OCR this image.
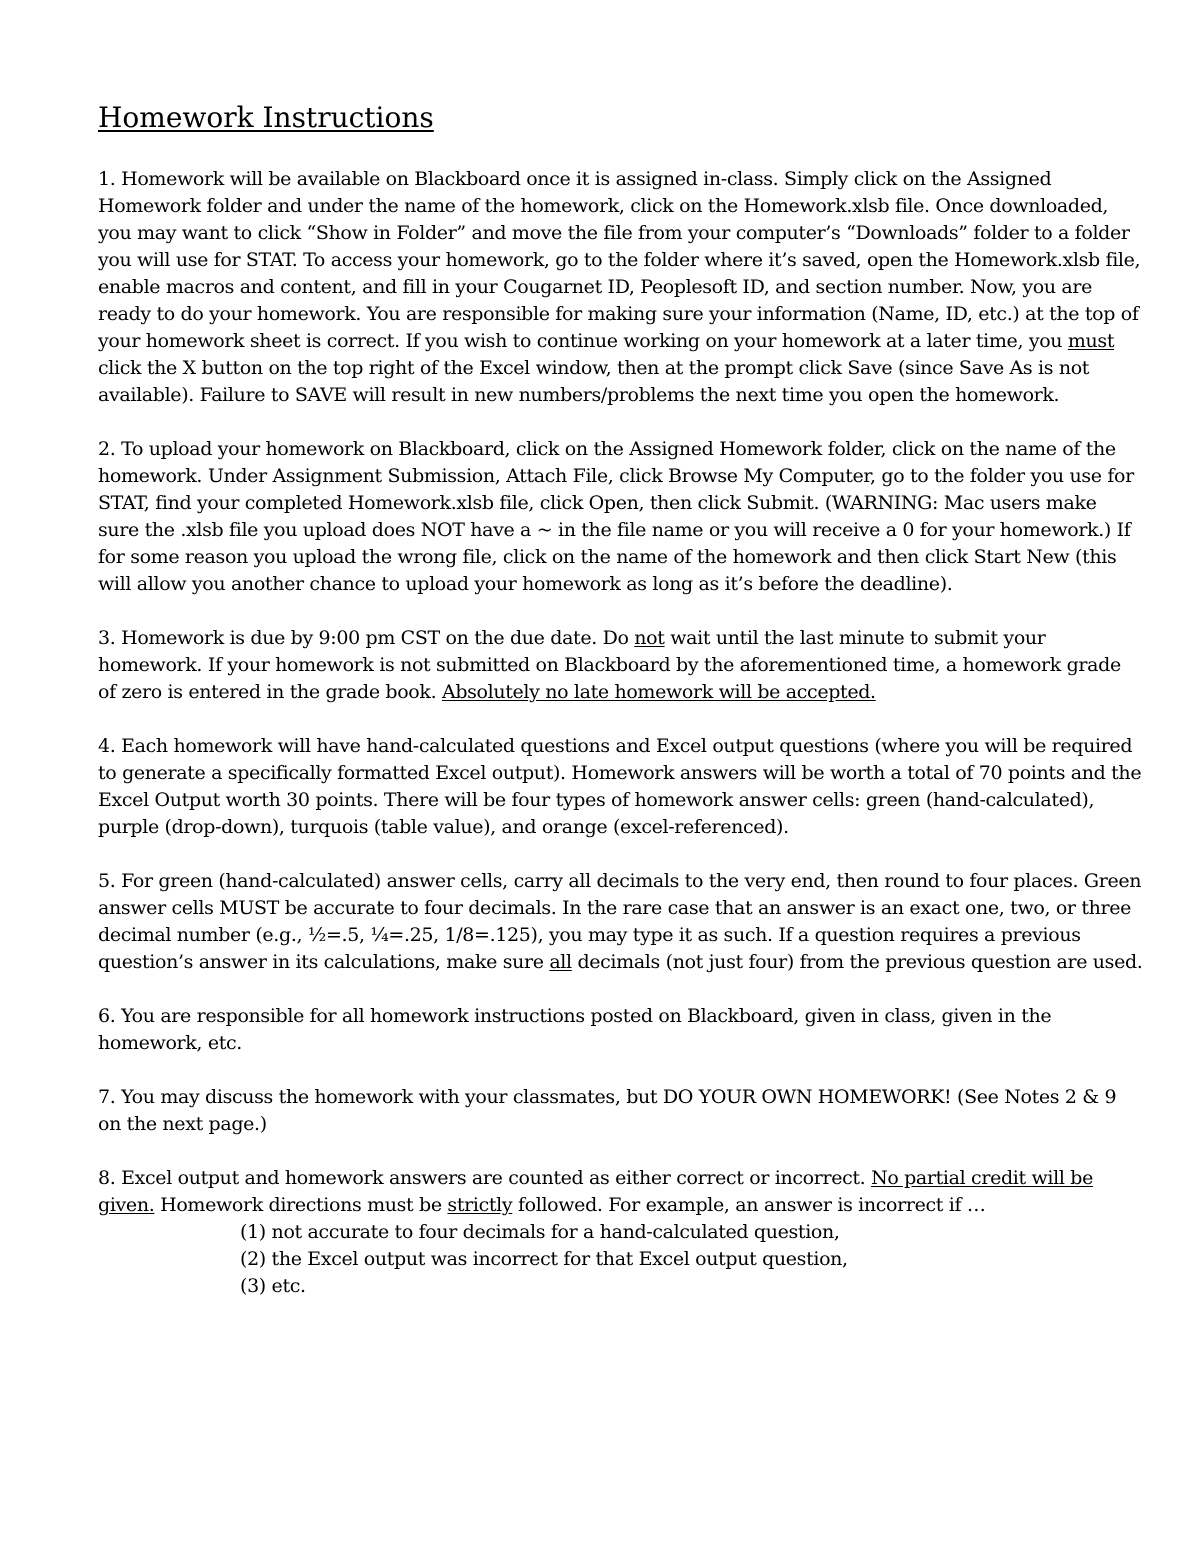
Homework Instructions

1. Homework will be available on Blackboard once it is assigned in-class. Simply click on the Assigned Homework folder and under the name of the homework, click on the Homework.xlsb file. Once downloaded, you may want to click “Show in Folder” and move the file from your computer’s “Downloads” folder to a folder you will use for STAT. To access your homework, go to the folder where it’s saved, open the Homework.xlsb file, enable macros and content, and fill in your Cougarnet ID, Peoplesoft ID, and section number. Now, you are ready to do your homework. You are responsible for making sure your information (Name, ID, etc.) at the top of your homework sheet is correct. If you wish to continue working on your homework at a later time, you must click the X button on the top right of the Excel window, then at the prompt click Save (since Save As is not available). Failure to SAVE will result in new numbers/problems the next time you open the homework.

2. To upload your homework on Blackboard, click on the Assigned Homework folder, click on the name of the homework. Under Assignment Submission, Attach File, click Browse My Computer, go to the folder you use for STAT, find your completed Homework.xlsb file, click Open, then click Submit. (WARNING: Mac users make sure the .xlsb file you upload does NOT have a ~ in the file name or you will receive a 0 for your homework.) If for some reason you upload the wrong file, click on the name of the homework and then click Start New (this will allow you another chance to upload your homework as long as it’s before the deadline).

3. Homework is due by 9:00 pm CST on the due date. Do not wait until the last minute to submit your homework. If your homework is not submitted on Blackboard by the aforementioned time, a homework grade of zero is entered in the grade book. Absolutely no late homework will be accepted.

4. Each homework will have hand-calculated questions and Excel output questions (where you will be required to generate a specifically formatted Excel output). Homework answers will be worth a total of 70 points and the Excel Output worth 30 points. There will be four types of homework answer cells: green (hand-calculated), purple (drop-down), turquois (table value), and orange (excel-referenced).

5. For green (hand-calculated) answer cells, carry all decimals to the very end, then round to four places. Green answer cells MUST be accurate to four decimals. In the rare case that an answer is an exact one, two, or three decimal number (e.g., ½=.5, ¼=.25, 1/8=.125), you may type it as such. If a question requires a previous question’s answer in its calculations, make sure all decimals (not just four) from the previous question are used.

6. You are responsible for all homework instructions posted on Blackboard, given in class, given in the homework, etc.

7. You may discuss the homework with your classmates, but DO YOUR OWN HOMEWORK! (See Notes 2 & 9 on the next page.)

8. Excel output and homework answers are counted as either correct or incorrect. No partial credit will be given. Homework directions must be strictly followed. For example, an answer is incorrect if …

(1) not accurate to four decimals for a hand-calculated question,
(2) the Excel output was incorrect for that Excel output question,
(3) etc.
